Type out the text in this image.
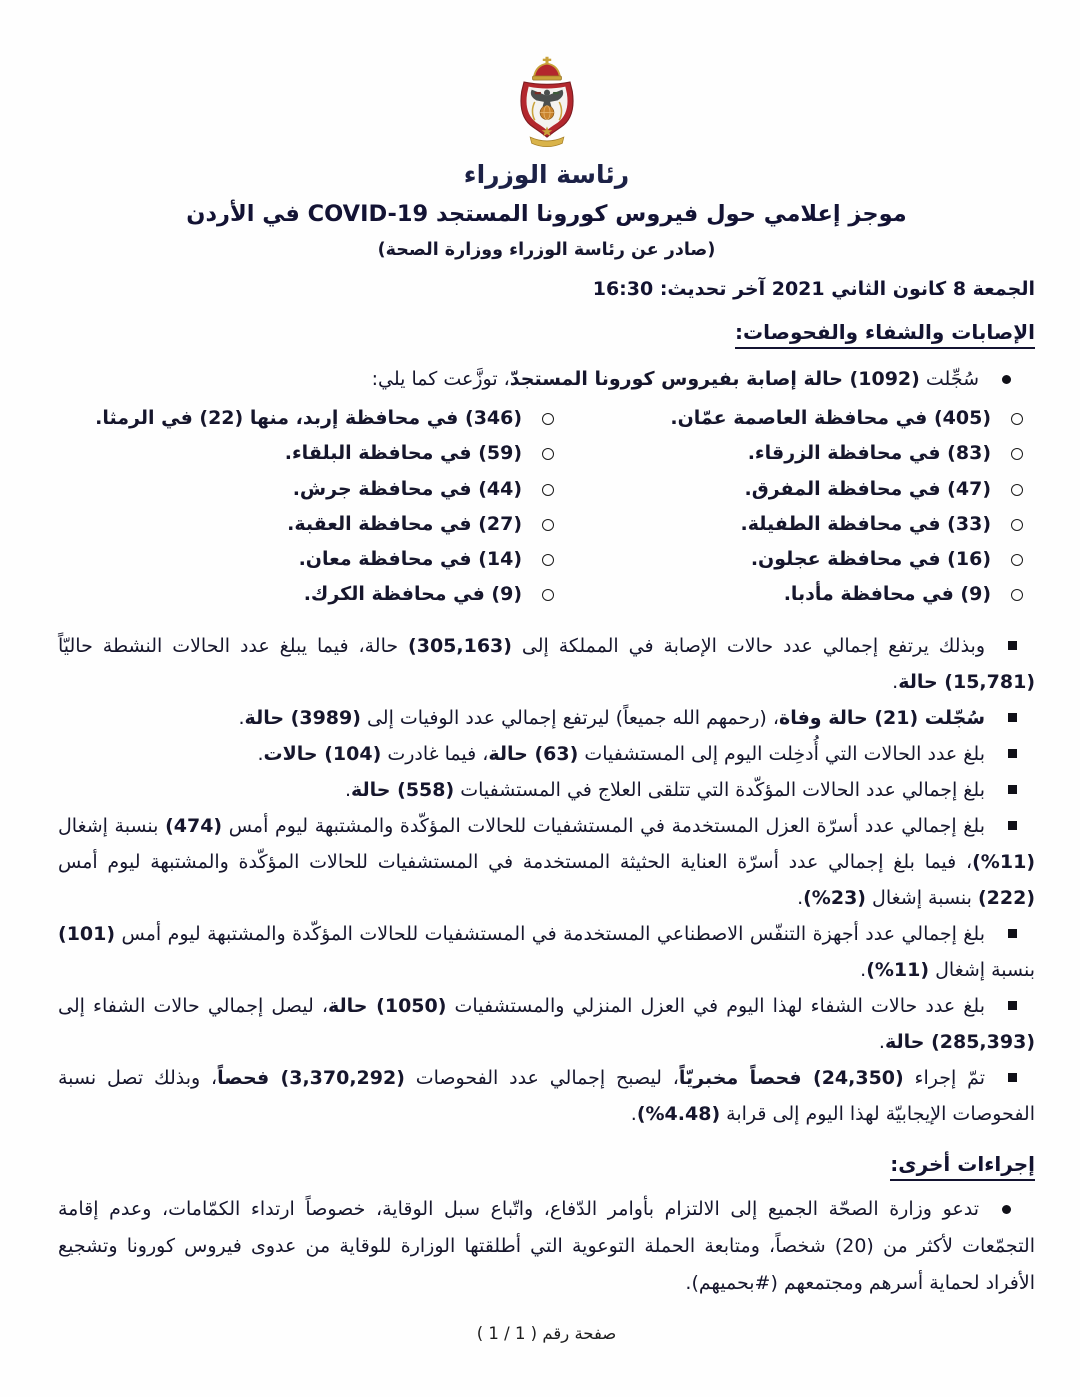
رئاسة الوزراء
موجز إعلامي حول فيروس كورونا المستجد COVID-19 في الأردن
(صادر عن رئاسة الوزراء ووزارة الصحة)
الجمعة 8 كانون الثاني 2021 آخر تحديث: 16:30
الإصابات والشفاء والفحوصات:

سُجِّلت (1092) حالة إصابة بفيروس كورونا المستجدّ، توزَّعت كما يلي:

(405) في محافظة العاصمة عمّان.
(346) في محافظة إربد، منها (22) في الرمثا.
(83) في محافظة الزرقاء.
(59) في محافظة البلقاء.
(47) في محافظة المفرق.
(44) في محافظة جرش.
(33) في محافظة الطفيلة.
(27) في محافظة العقبة.
(16) في محافظة عجلون.
(14) في محافظة معان.
(9) في محافظة مأدبا.
(9) في محافظة الكرك.

وبذلك يرتفع إجمالي عدد حالات الإصابة في المملكة إلى (305,163) حالة، فيما يبلغ عدد الحالات النشطة حاليّاً (15,781) حالة.

سُجّلت (21) حالة وفاة، (رحمهم الله جميعاً) ليرتفع إجمالي عدد الوفيات إلى (3989) حالة.

بلغ عدد الحالات التي أُدخِلت اليوم إلى المستشفيات (63) حالة، فيما غادرت (104) حالات.

بلغ إجمالي عدد الحالات المؤكّدة التي تتلقى العلاج في المستشفيات (558) حالة.

بلغ إجمالي عدد أسرّة العزل المستخدمة في المستشفيات للحالات المؤكّدة والمشتبهة ليوم أمس (474) بنسبة إشغال (11%)، فيما بلغ إجمالي عدد أسرّة العناية الحثيثة المستخدمة في المستشفيات للحالات المؤكّدة والمشتبهة ليوم أمس (222) بنسبة إشغال (23%).

بلغ إجمالي عدد أجهزة التنفّس الاصطناعي المستخدمة في المستشفيات للحالات المؤكّدة والمشتبهة ليوم أمس (101) بنسبة إشغال (11%).

بلغ عدد حالات الشفاء لهذا اليوم في العزل المنزلي والمستشفيات (1050) حالة، ليصل إجمالي حالات الشفاء إلى (285,393) حالة.

تمّ إجراء (24,350) فحصاً مخبريّاً، ليصبح إجمالي عدد الفحوصات (3,370,292) فحصاً، وبذلك تصل نسبة الفحوصات الإيجابيّة لهذا اليوم إلى قرابة (4.48%).

إجراءات أخرى:

تدعو وزارة الصحّة الجميع إلى الالتزام بأوامر الدّفاع، واتّباع سبل الوقاية، خصوصاً ارتداء الكمّامات، وعدم إقامة التجمّعات لأكثر من (20) شخصاً، ومتابعة الحملة التوعوية التي أطلقتها الوزارة للوقاية من عدوى فيروس كورونا وتشجيع الأفراد لحماية أسرهم ومجتمعهم (#بحميهم).

صفحة رقم ( 1 / 1 )
